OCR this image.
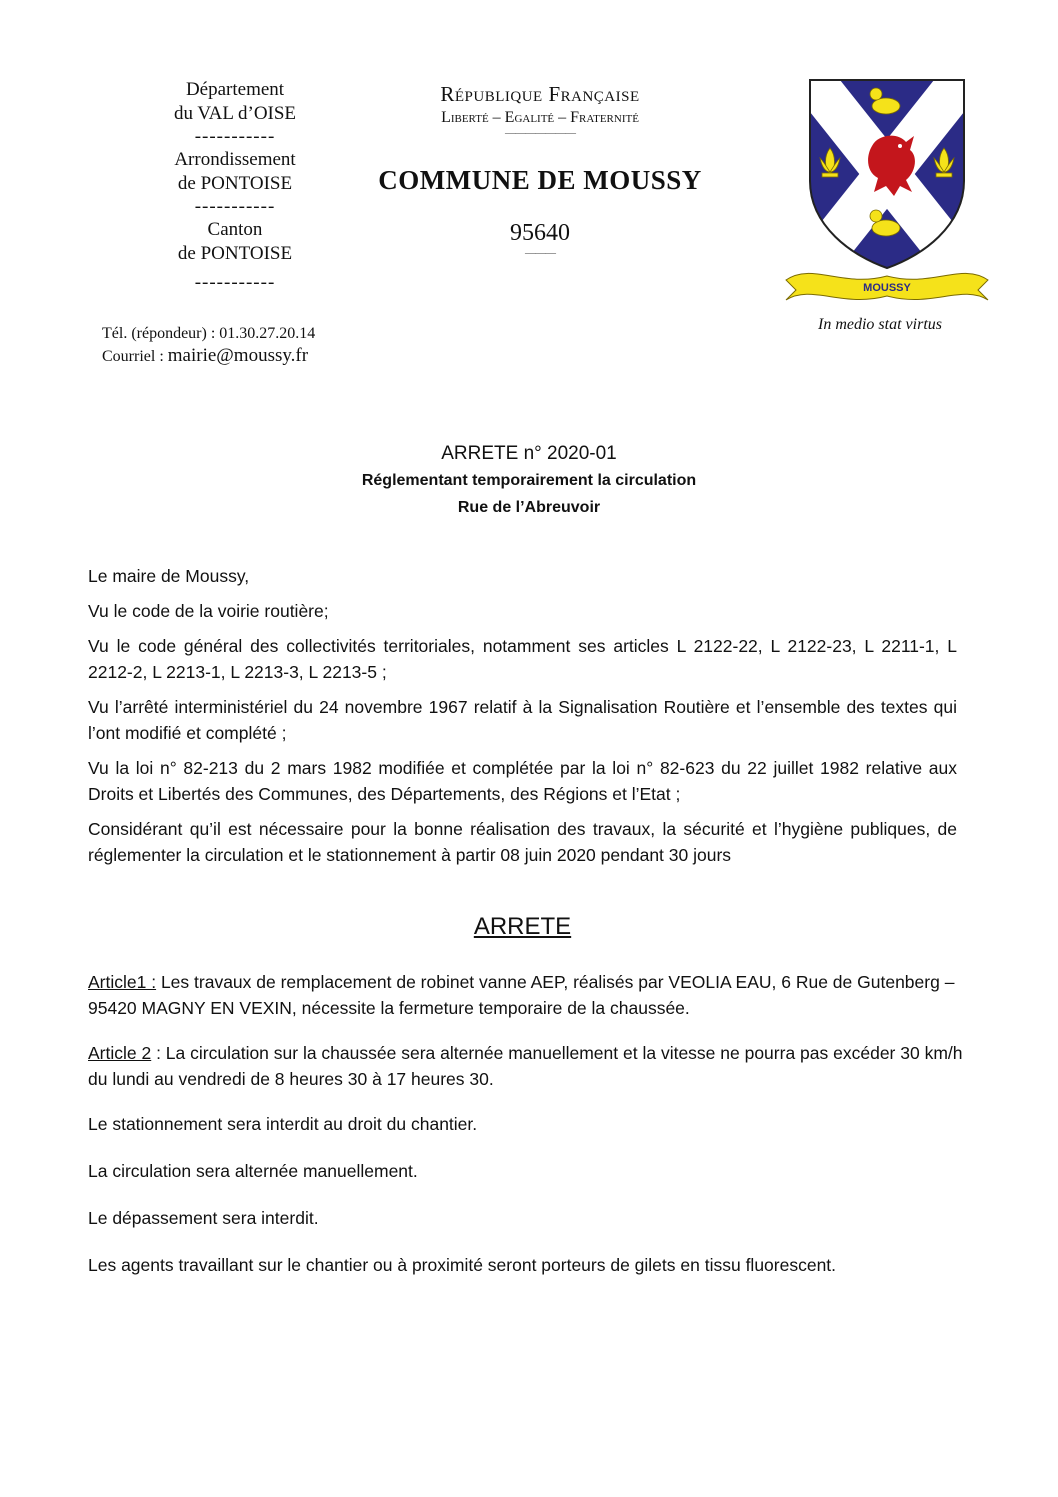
Département
du VAL d’OISE
-----------
Arrondissement
de PONTOISE
-----------
Canton
de PONTOISE
-----------
République Française
Liberté – Egalité – Fraternité
———————
COMMUNE DE MOUSSY
95640
———
Tél. (répondeur) : 01.30.27.20.14
Courriel : mairie@moussy.fr
MOUSSY
In medio stat virtus
ARRETE n° 2020-01
Réglementant temporairement la circulation
Rue de l’Abreuvoir

Le maire de Moussy,

Vu le code de la voirie routière;

Vu le code général des collectivités territoriales, notamment ses articles L 2122-22, L 2122-23, L 2211-1, L 2212-2, L 2213-1, L 2213-3, L 2213-5 ;

Vu l’arrêté interministériel du 24 novembre 1967 relatif à la Signalisation Routière et l’ensemble des textes qui l’ont modifié et complété ;

Vu la loi n° 82-213 du 2 mars 1982 modifiée et complétée par la loi n° 82-623 du 22 juillet 1982 relative aux Droits et Libertés des Communes, des Départements, des Régions et l’Etat ;

Considérant qu’il est nécessaire pour la bonne réalisation des travaux, la sécurité et l’hygiène publiques, de réglementer la circulation et le stationnement à partir 08 juin 2020 pendant 30 jours

ARRETE

Article1 : Les travaux de remplacement de robinet vanne AEP, réalisés par VEOLIA EAU, 6 Rue de Gutenberg – 95420 MAGNY EN VEXIN, nécessite la fermeture temporaire de la chaussée.

Article 2 : La circulation sur la chaussée sera alternée manuellement et la vitesse ne pourra pas excéder 30 km/h du lundi au vendredi de 8 heures 30 à 17 heures 30.

Le stationnement sera interdit au droit du chantier.

La circulation sera alternée manuellement.

Le dépassement sera interdit.

Les agents travaillant sur le chantier ou à proximité seront porteurs de gilets en tissu fluorescent.
